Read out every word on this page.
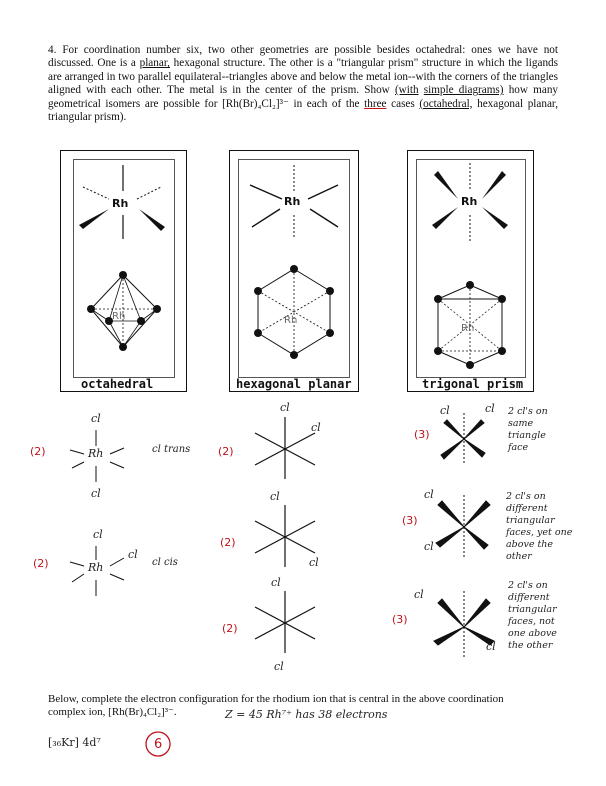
4. For coordination number six, two other geometries are possible besides octahedral: ones we have not discussed. One is a planar, hexagonal structure. The other is a "triangular prism" structure in which the ligands are arranged in two parallel equilateral--triangles above and below the metal ion--with the corners of the triangles aligned with each other. The metal is in the center of the prism. Show (with simple diagrams) how many geometrical isomers are possible for [Rh(Br)₄Cl₂]³⁻ in each of the three cases (octahedral, hexagonal planar, triangular prism).
Rh
Rh
octahedral
Rh
Rh
hexagonal planar
Rh
Rh
trigonal prism
(2)
cl
Rh
cl
cl trans
(2)
cl
cl
Rh	cl cis
(2)
(2)
(2)
cl
cl
cl
cl
cl
cl
(3)
(3)
(3)
cl	cl
cl
cl
cl
cl
2 cl's on same triangle face
2 cl's on different triangular faces, yet one above the other
2 cl's on different triangular faces, not one above the other
Below, complete the electron configuration for the rhodium ion that is central in the above coordination
complex ion, [Rh(Br)₄Cl₂]³⁻.	Z = 45 Rh⁷⁺ has 38 electrons
[₃₆Kr] 4d⁷	6
